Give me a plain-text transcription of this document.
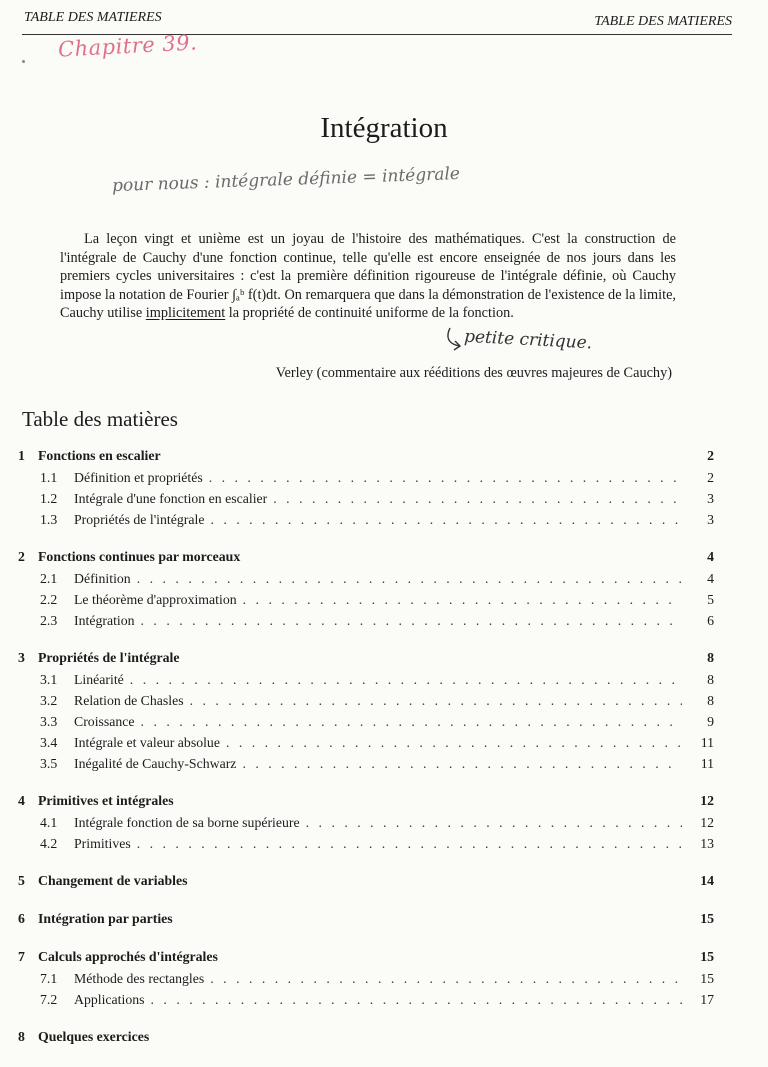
TABLE DES MATIERES	TABLE DES MATIERES
Chapitre 39.
Intégration
pour nous : intégrale définie = intégrale
La leçon vingt et unième est un joyau de l'histoire des mathématiques. C'est la construction de l'intégrale de Cauchy d'une fonction continue, telle qu'elle est encore enseignée de nos jours dans les premiers cycles universitaires : c'est la première définition rigoureuse de l'intégrale définie, où Cauchy impose la notation de Fourier ∫ₐᵇ f(t)dt. On remarquera que dans la démonstration de l'existence de la limite, Cauchy utilise implicitement la propriété de continuité uniforme de la fonction.
petite critique.
Verley (commentaire aux rééditions des œuvres majeures de Cauchy)
Table des matières
1 Fonctions en escalier	2
1.1	Définition et propriétés . . .	2
1.2	Intégrale d'une fonction en escalier . . .	3
1.3	Propriétés de l'intégrale . . .	3
2 Fonctions continues par morceaux	4
2.1	Définition . . .	4
2.2	Le théorème d'approximation . . .	5
2.3	Intégration . . .	6
3 Propriétés de l'intégrale	8
3.1	Linéarité . . .	8
3.2	Relation de Chasles . . .	8
3.3	Croissance . . .	9
3.4	Intégrale et valeur absolue . . .	11
3.5	Inégalité de Cauchy-Schwarz . . .	11
4 Primitives et intégrales	12
4.1	Intégrale fonction de sa borne supérieure . . .	12
4.2	Primitives . . .	13
5 Changement de variables	14
6 Intégration par parties	15
7 Calculs approchés d'intégrales	15
7.1	Méthode des rectangles . . .	15
7.2	Applications . . .	17
8 Quelques exercices
